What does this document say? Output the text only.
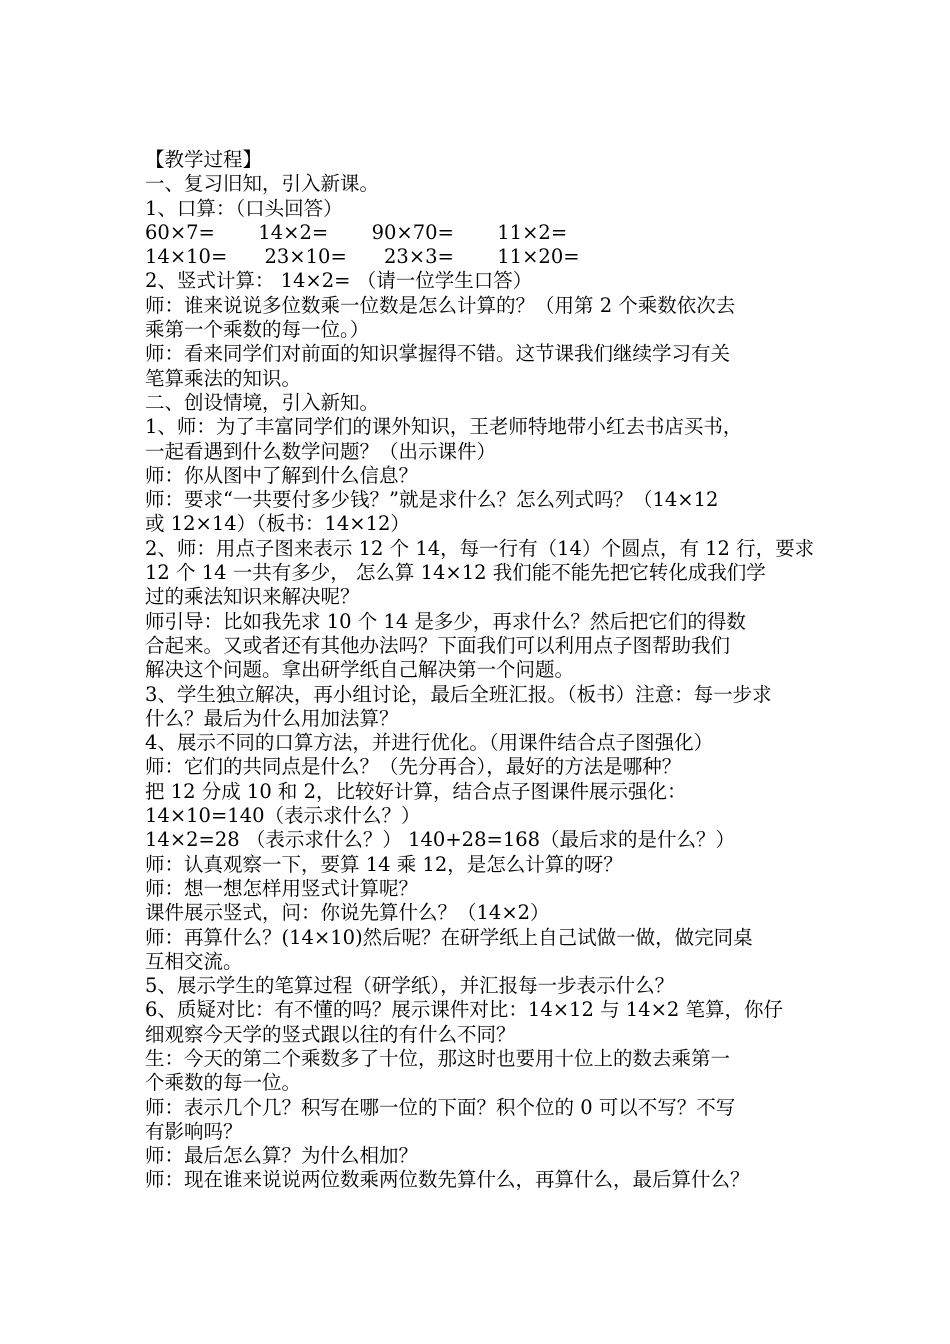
【教学过程】
一、复习旧知，引入新课。
1、口算：（口头回答）
60×7=       14×2=       90×70=       11×2=
14×10=      23×10=      23×3=       11×20=
2、竖式计算： 14×2= （请一位学生口答）
师：谁来说说多位数乘一位数是怎么计算的？（用第 2 个乘数依次去
乘第一个乘数的每一位。）
师：看来同学们对前面的知识掌握得不错。这节课我们继续学习有关
笔算乘法的知识。
二、创设情境，引入新知。
1、师：为了丰富同学们的课外知识，王老师特地带小红去书店买书，
一起看遇到什么数学问题？（出示课件）
师：你从图中了解到什么信息？
师：要求“一共要付多少钱？”就是求什么？怎么列式吗？（14×12
或 12×14）（板书：14×12）
2、师：用点子图来表示 12 个 14，每一行有（14）个圆点，有 12 行，要求
12 个 14 一共有多少， 怎么算 14×12 我们能不能先把它转化成我们学
过的乘法知识来解决呢？
师引导：比如我先求 10 个 14 是多少，再求什么？然后把它们的得数
合起来。又或者还有其他办法吗？下面我们可以利用点子图帮助我们
解决这个问题。拿出研学纸自己解决第一个问题。
3、学生独立解决，再小组讨论，最后全班汇报。（板书）注意：每一步求
什么？最后为什么用加法算？
4、展示不同的口算方法，并进行优化。（用课件结合点子图强化）
师：它们的共同点是什么？（先分再合），最好的方法是哪种？
把 12 分成 10 和 2，比较好计算，结合点子图课件展示强化：
14×10=140（表示求什么？）
14×2=28 （表示求什么？） 140+28=168（最后求的是什么？）
师：认真观察一下，要算 14 乘 12，是怎么计算的呀？
师：想一想怎样用竖式计算呢？
课件展示竖式，问：你说先算什么？（14×2）
师：再算什么？(14×10)然后呢？在研学纸上自己试做一做，做完同桌
互相交流。
5、展示学生的笔算过程（研学纸），并汇报每一步表示什么？
6、质疑对比：有不懂的吗？展示课件对比：14×12 与 14×2 笔算，你仔
细观察今天学的竖式跟以往的有什么不同？
生：今天的第二个乘数多了十位，那这时也要用十位上的数去乘第一
个乘数的每一位。
师：表示几个几？积写在哪一位的下面？积个位的 0 可以不写？不写
有影响吗？
师：最后怎么算？为什么相加？
师：现在谁来说说两位数乘两位数先算什么，再算什么，最后算什么？
